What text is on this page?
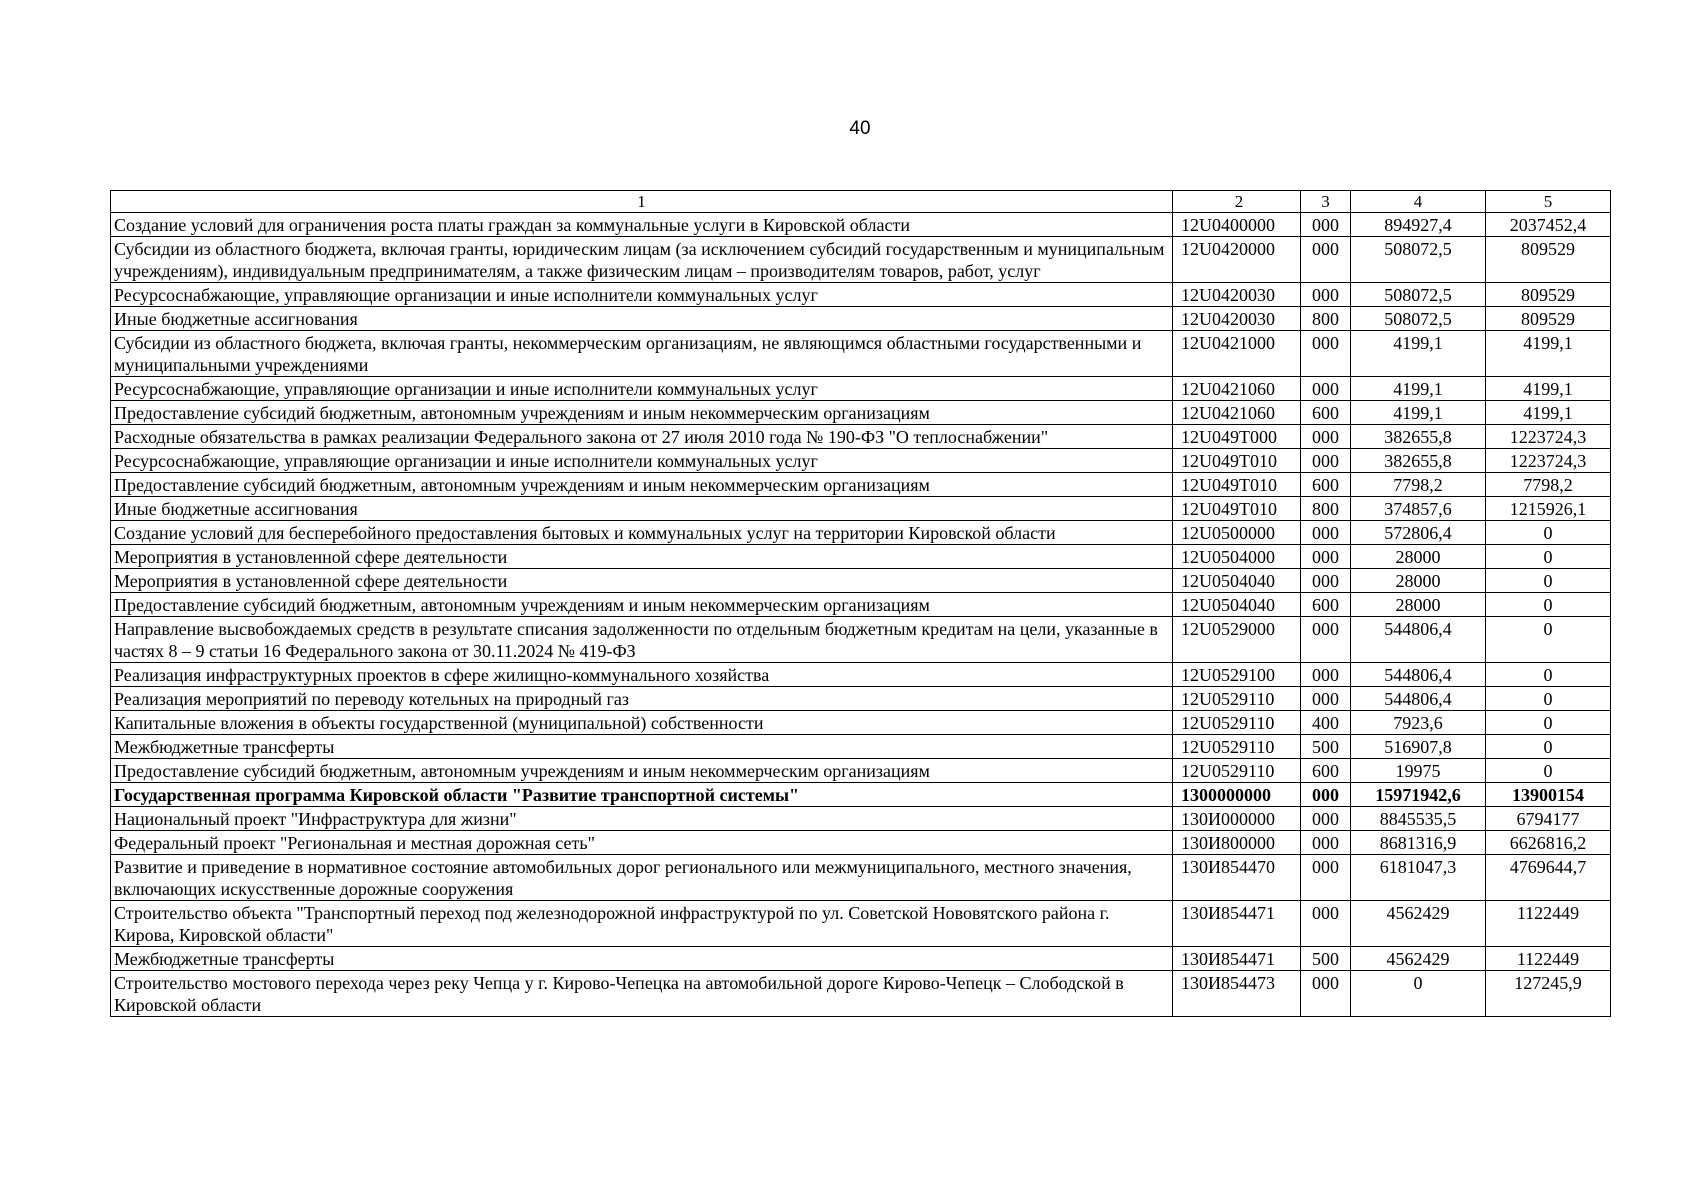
40
1	2	3	4	5
Создание условий для ограничения роста платы граждан за коммунальные услуги в Кировской области	12U0400000	000	894927,4	2037452,4
Субсидии из областного бюджета, включая гранты, юридическим лицам (за исключением субсидий государственным и муниципальным учреждениям), индивидуальным предпринимателям, а также физическим лицам – производителям товаров, работ, услуг	12U0420000	000	508072,5	809529
Ресурсоснабжающие, управляющие организации и иные исполнители коммунальных услуг	12U0420030	000	508072,5	809529
Иные бюджетные ассигнования	12U0420030	800	508072,5	809529
Субсидии из областного бюджета, включая гранты, некоммерческим организациям, не являющимся областными государственными и муниципальными учреждениями	12U0421000	000	4199,1	4199,1
Ресурсоснабжающие, управляющие организации и иные исполнители коммунальных услуг	12U0421060	000	4199,1	4199,1
Предоставление субсидий бюджетным, автономным учреждениям и иным некоммерческим организациям	12U0421060	600	4199,1	4199,1
Расходные обязательства в рамках реализации Федерального закона от 27 июля 2010 года № 190-ФЗ "О теплоснабжении"	12U049T000	000	382655,8	1223724,3
Ресурсоснабжающие, управляющие организации и иные исполнители коммунальных услуг	12U049T010	000	382655,8	1223724,3
Предоставление субсидий бюджетным, автономным учреждениям и иным некоммерческим организациям	12U049T010	600	7798,2	7798,2
Иные бюджетные ассигнования	12U049T010	800	374857,6	1215926,1
Создание условий для бесперебойного предоставления бытовых и коммунальных услуг на территории Кировской области	12U0500000	000	572806,4	0
Мероприятия в установленной сфере деятельности	12U0504000	000	28000	0
Мероприятия в установленной сфере деятельности	12U0504040	000	28000	0
Предоставление субсидий бюджетным, автономным учреждениям и иным некоммерческим организациям	12U0504040	600	28000	0
Направление высвобождаемых средств в результате списания задолженности по отдельным бюджетным кредитам на цели, указанные в частях 8 – 9 статьи 16 Федерального закона от 30.11.2024 № 419-ФЗ	12U0529000	000	544806,4	0
Реализация инфраструктурных проектов в сфере жилищно-коммунального хозяйства	12U0529100	000	544806,4	0
Реализация мероприятий по переводу котельных на природный газ	12U0529110	000	544806,4	0
Капитальные вложения в объекты государственной (муниципальной) собственности	12U0529110	400	7923,6	0
Межбюджетные трансферты	12U0529110	500	516907,8	0
Предоставление субсидий бюджетным, автономным учреждениям и иным некоммерческим организациям	12U0529110	600	19975	0
Государственная программа Кировской области "Развитие транспортной системы"	1300000000	000	15971942,6	13900154
Национальный проект "Инфраструктура для жизни"	130И000000	000	8845535,5	6794177
Федеральный проект "Региональная и местная дорожная сеть"	130И800000	000	8681316,9	6626816,2
Развитие и приведение в нормативное состояние автомобильных дорог регионального или межмуниципального, местного значения, включающих искусственные дорожные сооружения	130И854470	000	6181047,3	4769644,7
Строительство объекта "Транспортный переход под железнодорожной инфраструктурой по ул. Советской Нововятского района г. Кирова, Кировской области"	130И854471	000	4562429	1122449
Межбюджетные трансферты	130И854471	500	4562429	1122449
Строительство мостового перехода через реку Чепца у г. Кирово-Чепецка на автомобильной дороге Кирово-Чепецк – Слободской в Кировской области	130И854473	000	0	127245,9
